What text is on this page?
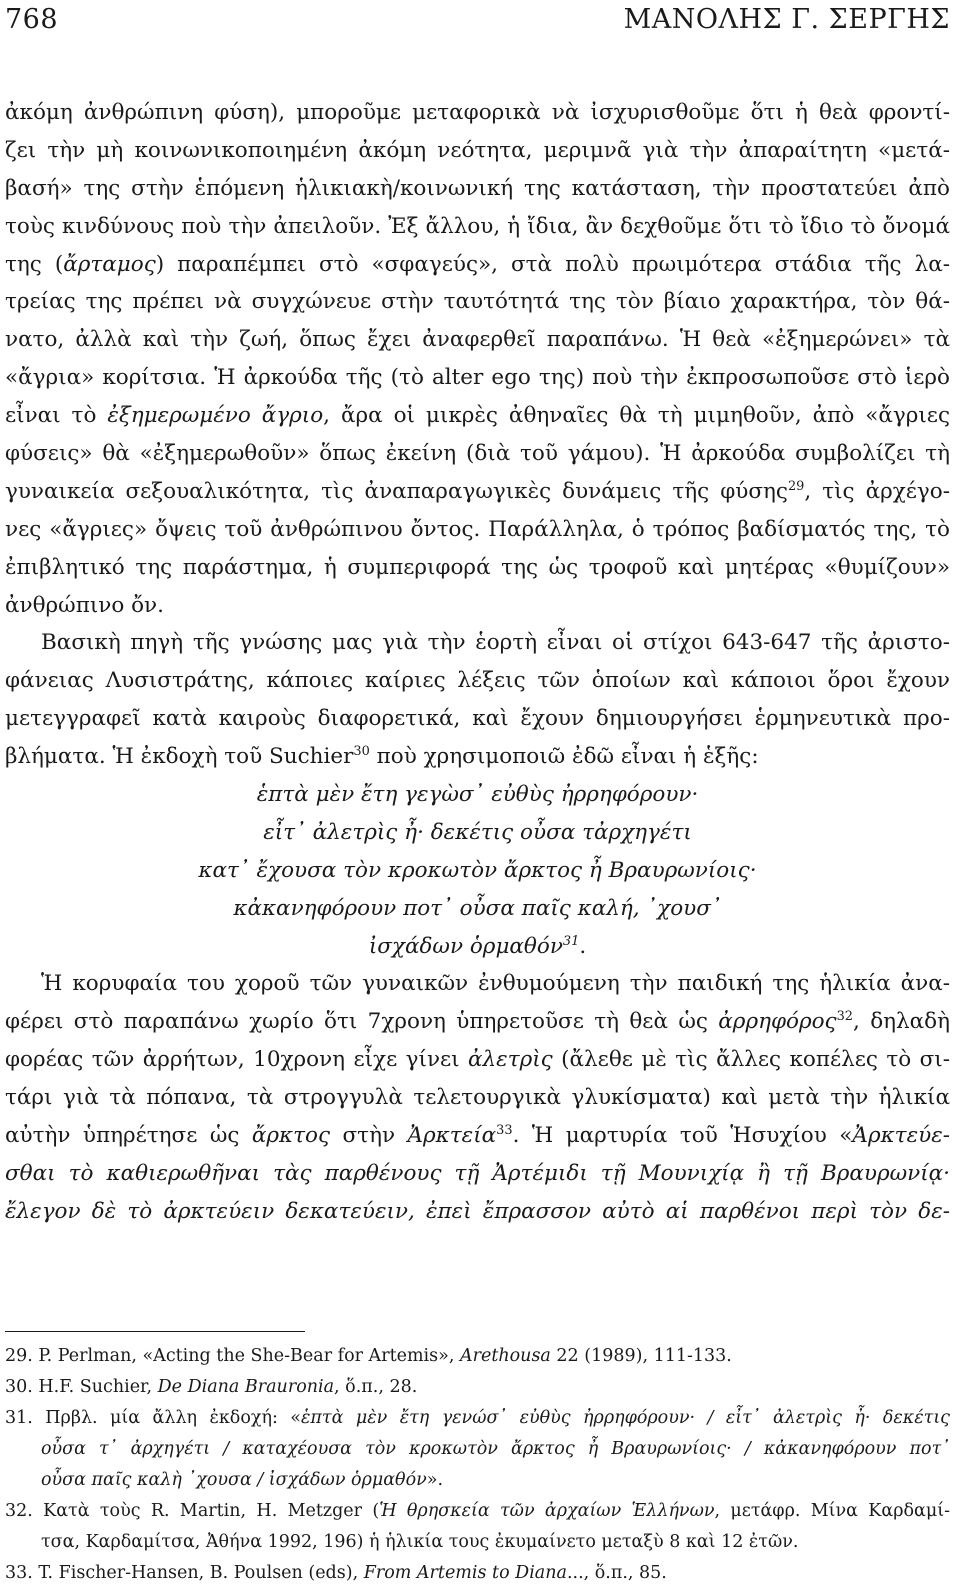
768	ΜΑΝΟΛΗΣ Γ. ΣΕΡΓΗΣ
ἀκόμη ἀνθρώπινη φύση), μποροῦμε μεταφορικὰ νὰ ἰσχυρισθοῦμε ὅτι ἡ θεὰ φροντί-
ζει τὴν μὴ κοινωνικοποιημένη ἀκόμη νεότητα, μεριμνᾶ γιὰ τὴν ἀπαραίτητη «μετά-
βασή» της στὴν ἑπόμενη ἡλικιακὴ/κοινωνική της κατάσταση, τὴν προστατεύει ἀπὸ
τοὺς κινδύνους ποὺ τὴν ἀπειλοῦν. Ἐξ ἄλλου, ἡ ἴδια, ἂν δεχθοῦμε ὅτι τὸ ἴδιο τὸ ὄνομά
της (ἄρταμος) παραπέμπει στὸ «σφαγεύς», στὰ πολὺ πρωιμότερα στάδια τῆς λα-
τρείας της πρέπει νὰ συγχώνευε στὴν ταυτότητά της τὸν βίαιο χαρακτήρα, τὸν θά-
νατο, ἀλλὰ καὶ τὴν ζωή, ὅπως ἔχει ἀναφερθεῖ παραπάνω. Ἡ θεὰ «ἐξημερώνει» τὰ
«ἄγρια» κορίτσια. Ἡ ἀρκούδα τῆς (τὸ alter ego της) ποὺ τὴν ἐκπροσωποῦσε στὸ ἱερὸ
εἶναι τὸ ἐξημερωμένο ἄγριο, ἄρα οἱ μικρὲς ἀθηναῖες θὰ τὴ μιμηθοῦν, ἀπὸ «ἄγριες
φύσεις» θὰ «ἐξημερωθοῦν» ὅπως ἐκείνη (διὰ τοῦ γάμου). Ἡ ἀρκούδα συμβολίζει τὴ
γυναικεία σεξουαλικότητα, τὶς ἀναπαραγωγικὲς δυνάμεις τῆς φύσης$^{29}$, τὶς ἀρχέγο-
νες «ἄγριες» ὄψεις τοῦ ἀνθρώπινου ὄντος. Παράλληλα, ὁ τρόπος βαδίσματός της, τὸ
ἐπιβλητικό της παράστημα, ἡ συμπεριφορά της ὡς τροφοῦ καὶ μητέρας «θυμίζουν»
ἀνθρώπινο ὄν.
Βασικὴ πηγὴ τῆς γνώσης μας γιὰ τὴν ἑορτὴ εἶναι οἱ στίχοι 643-647 τῆς ἀριστο-
φάνειας Λυσιστράτης, κάποιες καίριες λέξεις τῶν ὁποίων καὶ κάποιοι ὅροι ἔχουν
μετεγγραφεῖ κατὰ καιροὺς διαφορετικά, καὶ ἔχουν δημιουργήσει ἑρμηνευτικὰ προ-
βλήματα. Ἡ ἐκδοχὴ τοῦ Suchier$^{30}$ ποὺ χρησιμοποιῶ ἐδῶ εἶναι ἡ ἑξῆς:
ἑπτὰ μὲν ἔτη γεγὼσ᾽ εὐθὺς ἠρρηφόρουν·
εἶτ᾽ ἀλετρὶς ἦ· δεκέτις οὖσα τἀρχηγέτι
κατ᾽ ἔχουσα τὸν κροκωτὸν ἄρκτος ἦ Βραυρωνίοις·
κἀκανηφόρουν ποτ᾽ οὖσα παῖς καλή, ᾽χουσ᾽
ἰσχάδων ὁρμαθόν$^{31}$.
Ἡ κορυφαία του χοροῦ τῶν γυναικῶν ἐνθυμούμενη τὴν παιδική της ἡλικία ἀνα-
φέρει στὸ παραπάνω χωρίο ὅτι 7χρονη ὑπηρετοῦσε τὴ θεὰ ὡς ἀρρηφόρος$^{32}$, δηλαδὴ
φορέας τῶν ἀρρήτων, 10χρονη εἶχε γίνει ἀλετρὶς (ἄλεθε μὲ τὶς ἄλλες κοπέλες τὸ σι-
τάρι γιὰ τὰ πόπανα, τὰ στρογγυλὰ τελετουργικὰ γλυκίσματα) καὶ μετὰ τὴν ἡλικία
αὐτὴν ὑπηρέτησε ὡς ἄρκτος στὴν Ἀρκτεία$^{33}$. Ἡ μαρτυρία τοῦ Ἡσυχίου «Ἀρκτεύε-
σθαι τὸ καθιερωθῆναι τὰς παρθένους τῇ Ἀρτέμιδι τῇ Μουνιχίᾳ ἢ τῇ Βραυρωνίᾳ·
ἔλεγον δὲ τὸ ἀρκτεύειν δεκατεύειν, ἐπεὶ ἔπρασσον αὐτὸ αἱ παρθένοι περὶ τὸν δε-
29. P. Perlman, «Acting the She-Bear for Artemis», Arethousa 22 (1989), 111-133.
30. H.F. Suchier, De Diana Brauronia, ὅ.π., 28.
31. Πρβλ. μία ἄλλη ἐκδοχή: «ἑπτὰ μὲν ἔτη γενώσ᾽ εὐθὺς ἠρρηφόρουν· / εἶτ᾽ ἀλετρὶς ἦ· δεκέτις
οὖσα τ᾽ ἀρχηγέτι / καταχέουσα τὸν κροκωτὸν ἄρκτος ἦ Βραυρωνίοις· / κἀκανηφόρουν ποτ᾽
οὖσα παῖς καλὴ ᾽χουσα / ἰσχάδων ὁρμαθόν».
32. Κατὰ τοὺς R. Martin, H. Metzger (Ἡ θρησκεία τῶν ἀρχαίων Ἑλλήνων, μετάφρ. Μίνα Καρδαμί-
τσα, Καρδαμίτσα, Ἀθήνα 1992, 196) ἡ ἡλικία τους ἐκυμαίνετο μεταξὺ 8 καὶ 12 ἐτῶν.
33. T. Fischer-Hansen, B. Poulsen (eds), From Artemis to Diana..., ὅ.π., 85.
